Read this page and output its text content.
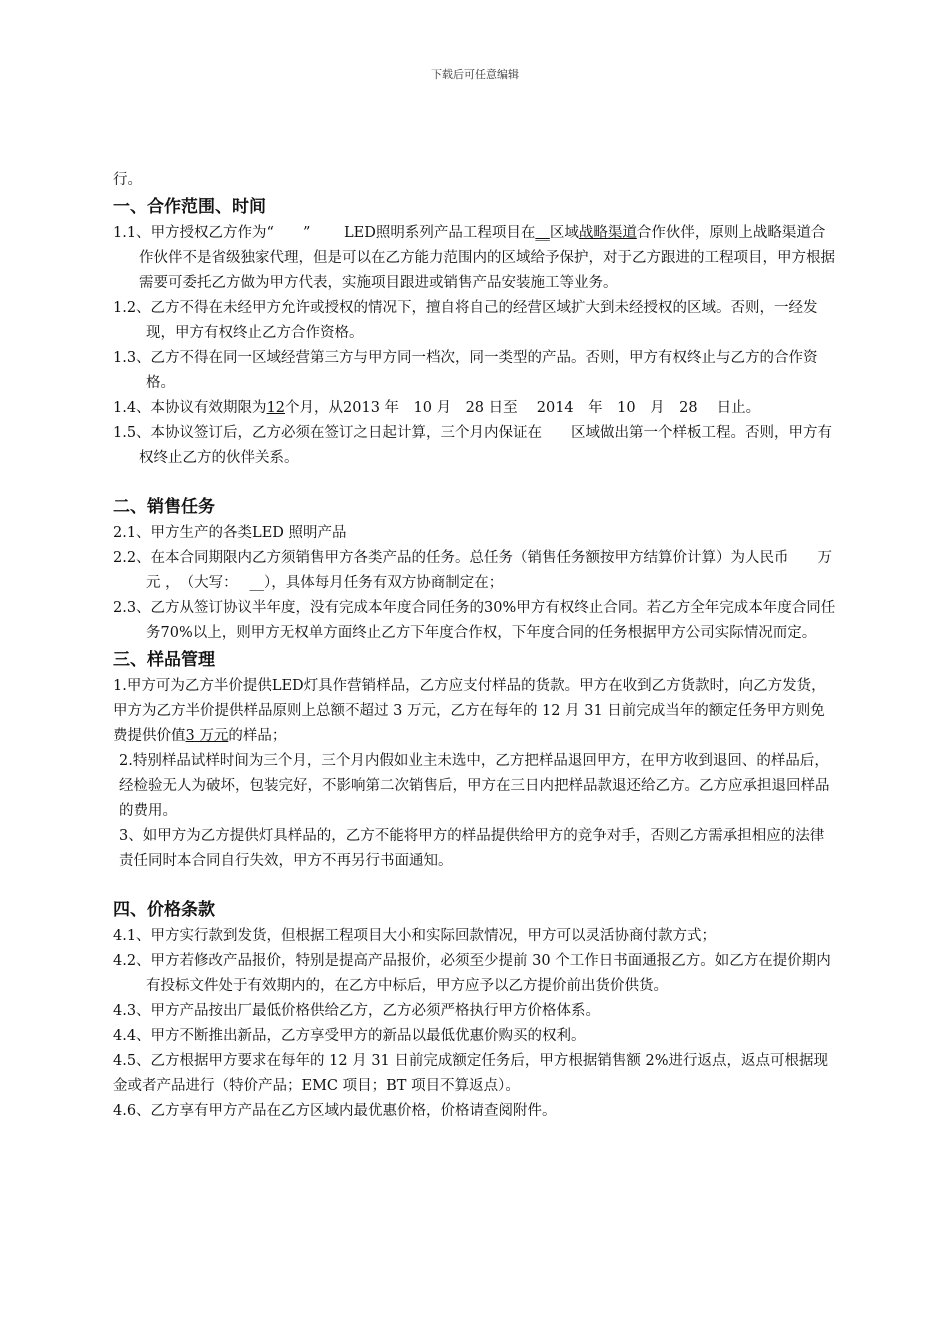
下载后可任意编辑

行。

一、合作范围、时间

1.1、甲方授权乙方作为“　　”　　 LED照明系列产品工程项目在__区域战略渠道合作伙伴，原则上战略渠道合作伙伴不是省级独家代理，但是可以在乙方能力范围内的区域给予保护，对于乙方跟进的工程项目，甲方根据需要可委托乙方做为甲方代表，实施项目跟进或销售产品安装施工等业务。

1.2、乙方不得在未经甲方允许或授权的情况下，擅自将自己的经营区域扩大到未经授权的区域。否则，一经发现，甲方有权终止乙方合作资格。

1.3、乙方不得在同一区域经营第三方与甲方同一档次，同一类型的产品。否则，甲方有权终止与乙方的合作资格。

1.4、本协议有效期限为12个月，从2013 年　10 月　28 日至　 2014　年　10　月　28　 日止。

1.5、本协议签订后，乙方必须在签订之日起计算，三个月内保证在　　区域做出第一个样板工程。否则，甲方有权终止乙方的伙伴关系。

二、销售任务

2.1、甲方生产的各类LED 照明产品

2.2、在本合同期限内乙方须销售甲方各类产品的任务。总任务（销售任务额按甲方结算价计算）为人民币　　万元 ，　（大写：　 __），具体每月任务有双方协商制定在；

2.3、乙方从签订协议半年度，没有完成本年度合同任务的30%甲方有权终止合同。若乙方全年完成本年度合同任务70%以上，则甲方无权单方面终止乙方下年度合作权，下年度合同的任务根据甲方公司实际情况而定。

三、样品管理

1.甲方可为乙方半价提供LED灯具作营销样品，乙方应支付样品的货款。甲方在收到乙方货款时，向乙方发货，甲方为乙方半价提供样品原则上总额不超过 3 万元，乙方在每年的 12 月 31 日前完成当年的额定任务甲方则免费提供价值3 万元的样品；

2.特别样品试样时间为三个月，三个月内假如业主未选中，乙方把样品退回甲方，在甲方收到退回、的样品后，经检验无人为破坏，包装完好，不影响第二次销售后，甲方在三日内把样品款退还给乙方。乙方应承担退回样品的费用。

3、如甲方为乙方提供灯具样品的，乙方不能将甲方的样品提供给甲方的竞争对手，否则乙方需承担相应的法律责任同时本合同自行失效，甲方不再另行书面通知。

四、价格条款

4.1、甲方实行款到发货，但根据工程项目大小和实际回款情况，甲方可以灵活协商付款方式；

4.2、甲方若修改产品报价，特别是提高产品报价，必须至少提前 30 个工作日书面通报乙方。如乙方在提价期内有投标文件处于有效期内的，在乙方中标后，甲方应予以乙方提价前出货价供货。

4.3、甲方产品按出厂最低价格供给乙方，乙方必须严格执行甲方价格体系。

4.4、甲方不断推出新品，乙方享受甲方的新品以最低优惠价购买的权利。

4.5、乙方根据甲方要求在每年的 12 月 31 日前完成额定任务后，甲方根据销售额 2%进行返点，返点可根据现金或者产品进行（特价产品；EMC 项目；BT 项目不算返点）。

4.6、乙方享有甲方产品在乙方区域内最优惠价格，价格请查阅附件。
